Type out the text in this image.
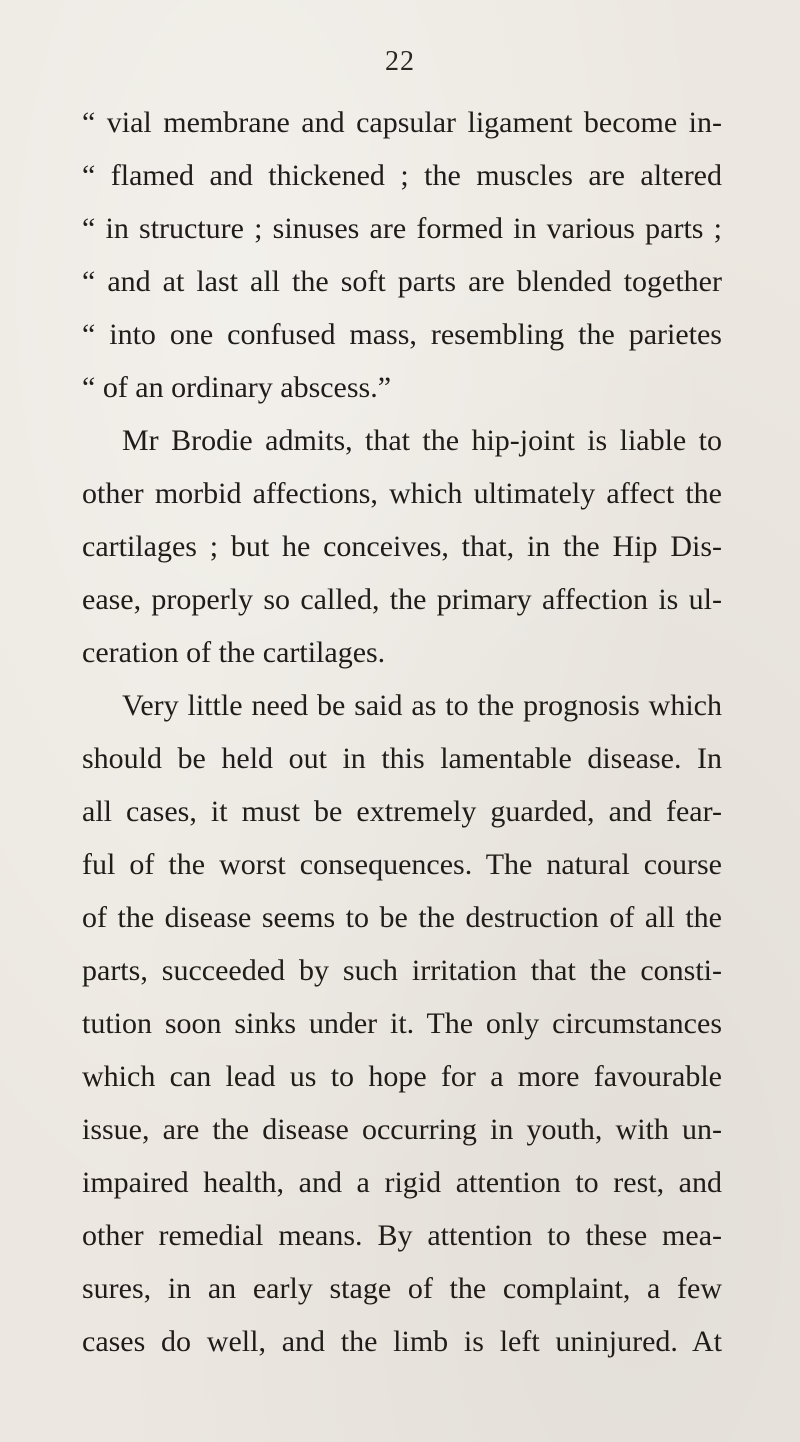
22
“ vial membrane and capsular ligament become in-
“ flamed and thickened ; the muscles are altered
“ in structure ; sinuses are formed in various parts ;
“ and at last all the soft parts are blended together
“ into one confused mass, resembling the parietes
“ of an ordinary abscess.”
Mr Brodie admits, that the hip-joint is liable to
other morbid affections, which ultimately affect the
cartilages ; but he conceives, that, in the Hip Dis-
ease, properly so called, the primary affection is ul-
ceration of the cartilages.
Very little need be said as to the prognosis which
should be held out in this lamentable disease. In
all cases, it must be extremely guarded, and fear-
ful of the worst consequences. The natural course
of the disease seems to be the destruction of all the
parts, succeeded by such irritation that the consti-
tution soon sinks under it. The only circumstances
which can lead us to hope for a more favourable
issue, are the disease occurring in youth, with un-
impaired health, and a rigid attention to rest, and
other remedial means. By attention to these mea-
sures, in an early stage of the complaint, a few
cases do well, and the limb is left uninjured. At
